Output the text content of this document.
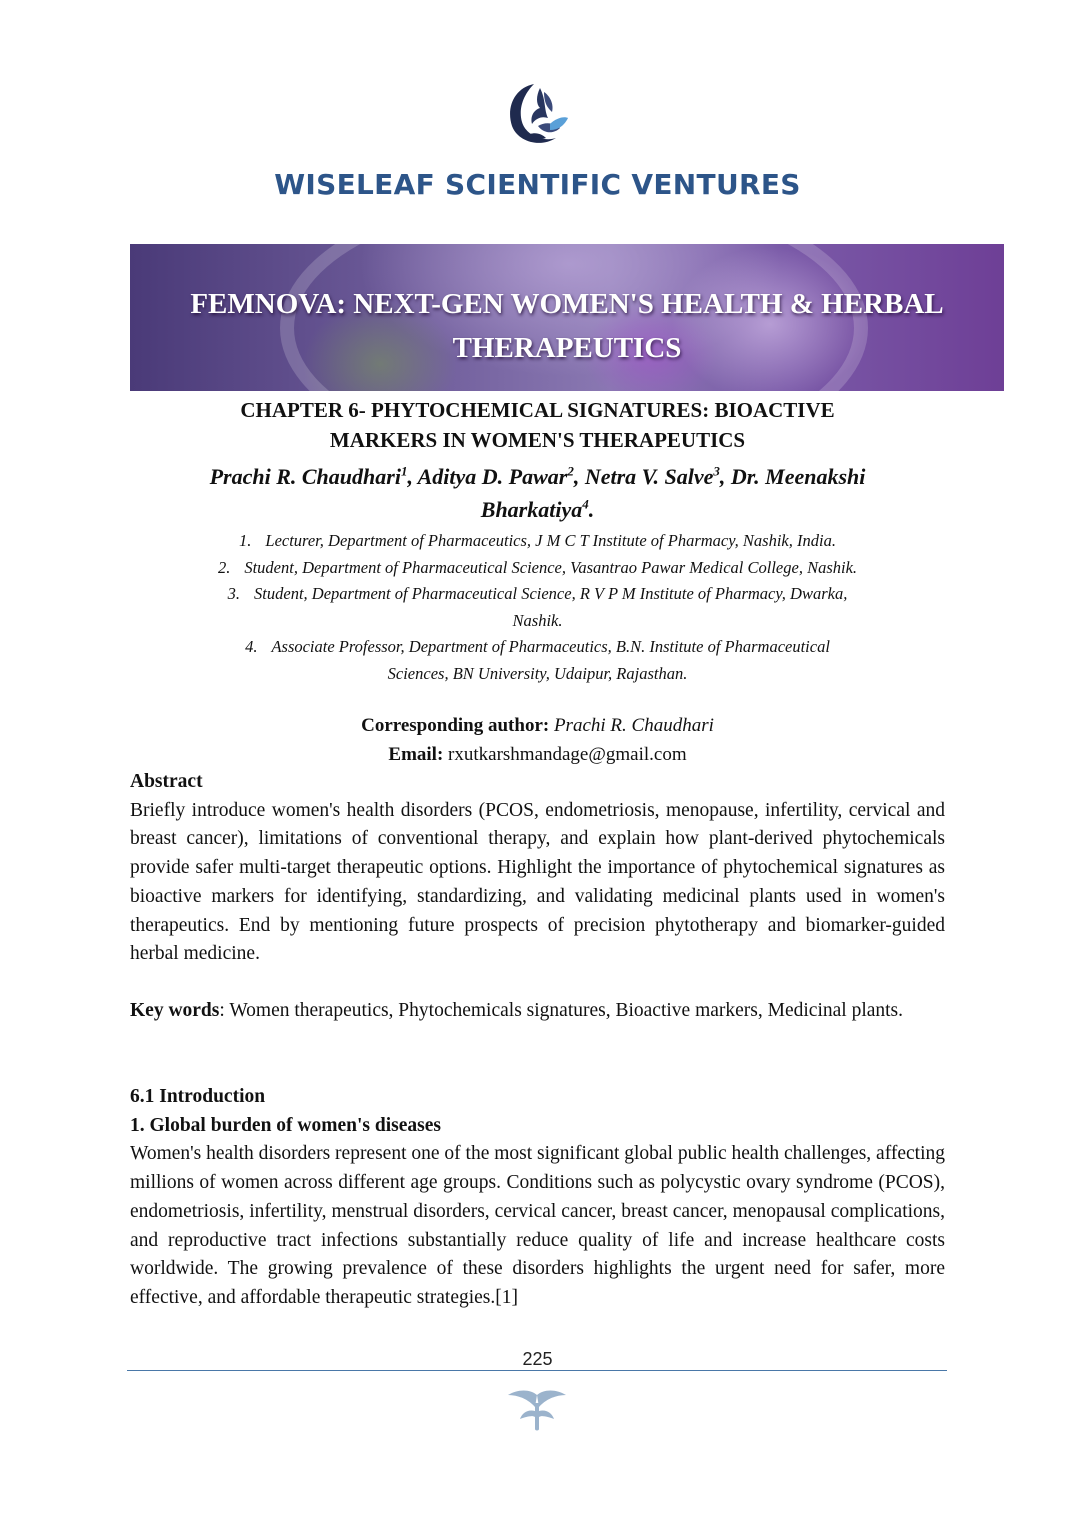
WISELEAF SCIENTIFIC VENTURES
FEMNOVA: NEXT-GEN WOMEN'S HEALTH & HERBAL
THERAPEUTICS
CHAPTER 6- PHYTOCHEMICAL SIGNATURES: BIOACTIVE
MARKERS IN WOMEN'S THERAPEUTICS
Prachi R. Chaudhari$^1$, Aditya D. Pawar$^2$, Netra V. Salve$^3$, Dr. Meenakshi
Bharkatiya$^4$.
1. Lecturer, Department of Pharmaceutics, J M C T Institute of Pharmacy, Nashik, India.
2. Student, Department of Pharmaceutical Science, Vasantrao Pawar Medical College, Nashik.
3. Student, Department of Pharmaceutical Science, R V P M Institute of Pharmacy, Dwarka,
Nashik.
4. Associate Professor, Department of Pharmaceutics, B.N. Institute of Pharmaceutical
Sciences, BN University, Udaipur, Rajasthan.
Corresponding author: Prachi R. Chaudhari
Email: rxutkarshmandage@gmail.com
Abstract
Briefly introduce women's health disorders (PCOS, endometriosis, menopause, infertility, cervical and breast cancer), limitations of conventional therapy, and explain how plant-derived phytochemicals provide safer multi-target therapeutic options. Highlight the importance of phytochemical signatures as bioactive markers for identifying, standardizing, and validating medicinal plants used in women's therapeutics. End by mentioning future prospects of precision phytotherapy and biomarker-guided herbal medicine.
Key words: Women therapeutics, Phytochemicals signatures, Bioactive markers, Medicinal plants.
6.1 Introduction
1. Global burden of women's diseases
Women's health disorders represent one of the most significant global public health challenges, affecting millions of women across different age groups. Conditions such as polycystic ovary syndrome (PCOS), endometriosis, infertility, menstrual disorders, cervical cancer, breast cancer, menopausal complications, and reproductive tract infections substantially reduce quality of life and increase healthcare costs worldwide. The growing prevalence of these disorders highlights the urgent need for safer, more effective, and affordable therapeutic strategies.[1]
225
